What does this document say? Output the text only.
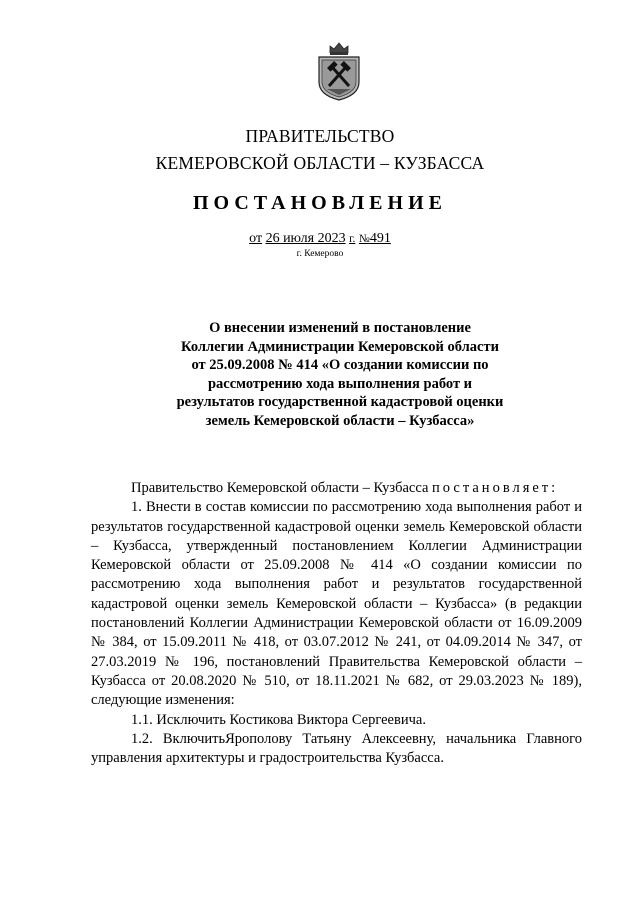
ПРАВИТЕЛЬСТВО
КЕМЕРОВСКОЙ ОБЛАСТИ – КУЗБАССА
ПОСТАНОВЛЕНИЕ
от 26 июля 2023 г. №491
г. Кемерово
О внесении изменений в постановление
Коллегии Администрации Кемеровской области
от 25.09.2008 № 414 «О создании комиссии по
рассмотрению хода выполнения работ и
результатов государственной кадастровой оценки
земель Кемеровской области – Кузбасса»

Правительство Кемеровской области – Кузбасса постановляет:

1. Внести в состав комиссии по рассмотрению хода выполнения работ и результатов государственной кадастровой оценки земель Кемеровской области – Кузбасса, утвержденный постановлением Коллегии Администрации Кемеровской области от 25.09.2008 № 414 «О создании комиссии по рассмотрению хода выполнения работ и результатов государственной кадастровой оценки земель Кемеровской области – Кузбасса» (в редакции постановлений Коллегии Администрации Кемеровской области от 16.09.2009 № 384, от 15.09.2011 № 418, от 03.07.2012 № 241, от 04.09.2014 № 347, от 27.03.2019 № 196, постановлений Правительства Кемеровской области – Кузбасса от 20.08.2020 № 510, от 18.11.2021 № 682, от 29.03.2023 № 189), следующие изменения:

1.1. Исключить Костикова Виктора Сергеевича.

1.2. ВключитьЯрополову Татьяну Алексеевну, начальника Главного управления архитектуры и градостроительства Кузбасса.
